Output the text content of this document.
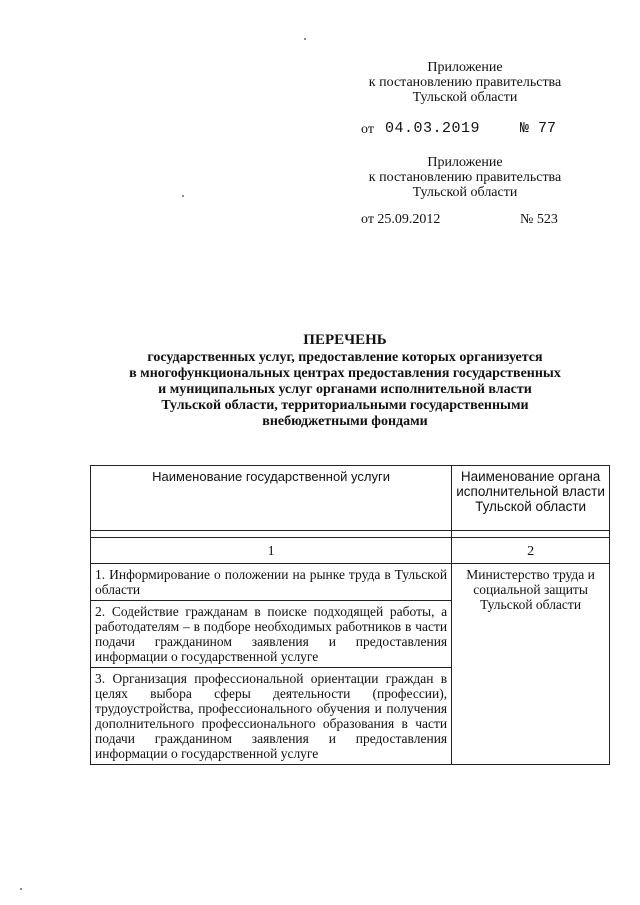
Приложение
к постановлению правительства
Тульской области
от 04.03.2019	№ 77
Приложение
к постановлению правительства
Тульской области
от 25.09.2012	№ 523
ПЕРЕЧЕНЬ
государственных услуг, предоставление которых организуется
в многофункциональных центрах предоставления государственных
и муниципальных услуг органами исполнительной власти
Тульской области, территориальными государственными
внебюджетными фондами
Наименование государственной услуги	Наименование органа исполнительной власти Тульской области

1	2
1. Информирование о положении на рынке труда в Тульской области	Министерство труда и социальной защиты Тульской области
2. Содействие гражданам в поиске подходящей работы, а работодателям – в подборе необходимых работников в части подачи гражданином заявления и предоставления информации о государственной услуге	
3. Организация профессиональной ориентации граждан в целях выбора сферы деятельности (профессии), трудоустройства, профессионального обучения и получения дополнительного профессионального образования в части подачи гражданином заявления и предоставления информации о государственной услуге	
